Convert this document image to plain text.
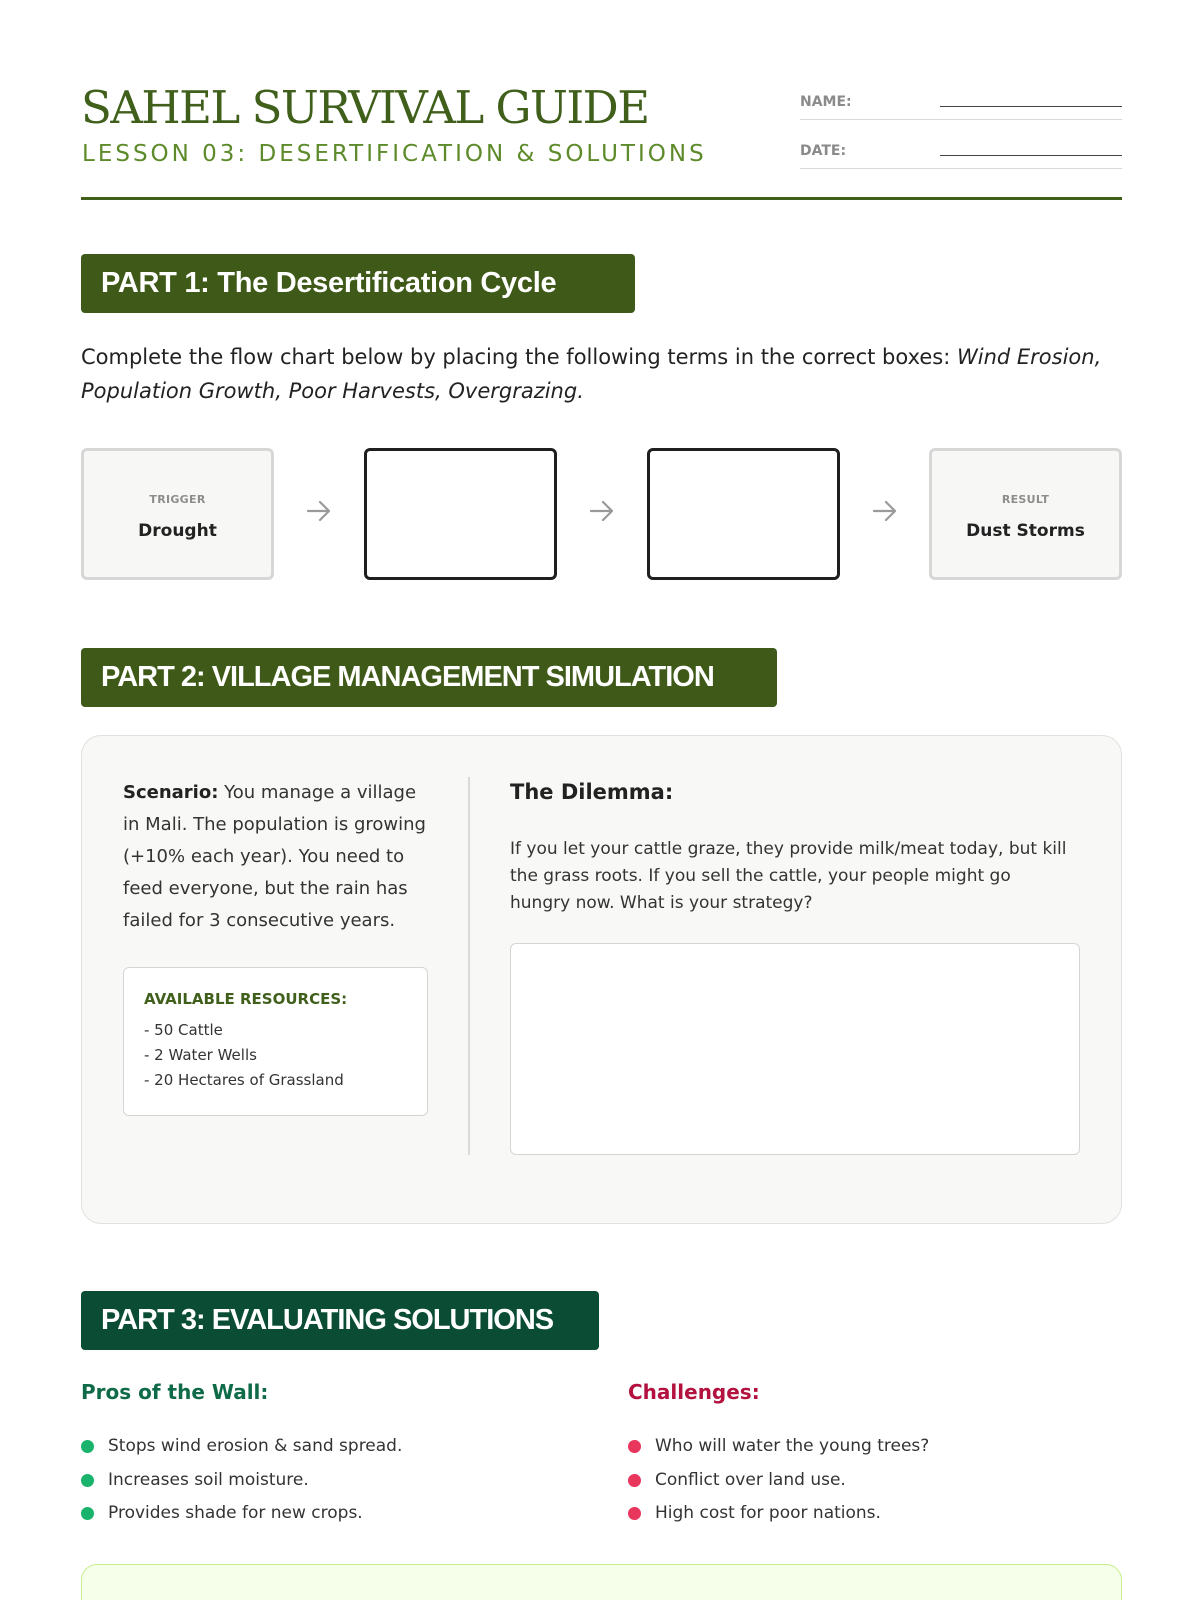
SAHEL SURVIVAL GUIDE
LESSON 03: DESERTIFICATION & SOLUTIONS
NAME:
DATE:
PART 1: The Desertification Cycle

Complete the flow chart below by placing the following terms in the correct boxes: Wind Erosion, Population Growth, Poor Harvests, Overgrazing.

TRIGGER
Drought
RESULT
Dust Storms
PART 2: VILLAGE MANAGEMENT SIMULATION

Scenario: You manage a village in Mali. The population is growing (+10% each year). You need to feed everyone, but the rain has failed for 3 consecutive years.

AVAILABLE RESOURCES:
- 50 Cattle
- 2 Water Wells
- 20 Hectares of Grassland
The Dilemma:

If you let your cattle graze, they provide milk/meat today, but kill the grass roots. If you sell the cattle, your people might go hungry now. What is your strategy?

PART 3: EVALUATING SOLUTIONS
Pros of the Wall:
Stops wind erosion & sand spread.
Increases soil moisture.
Provides shade for new crops.
Challenges:
Who will water the young trees?
Conflict over land use.
High cost for poor nations.
